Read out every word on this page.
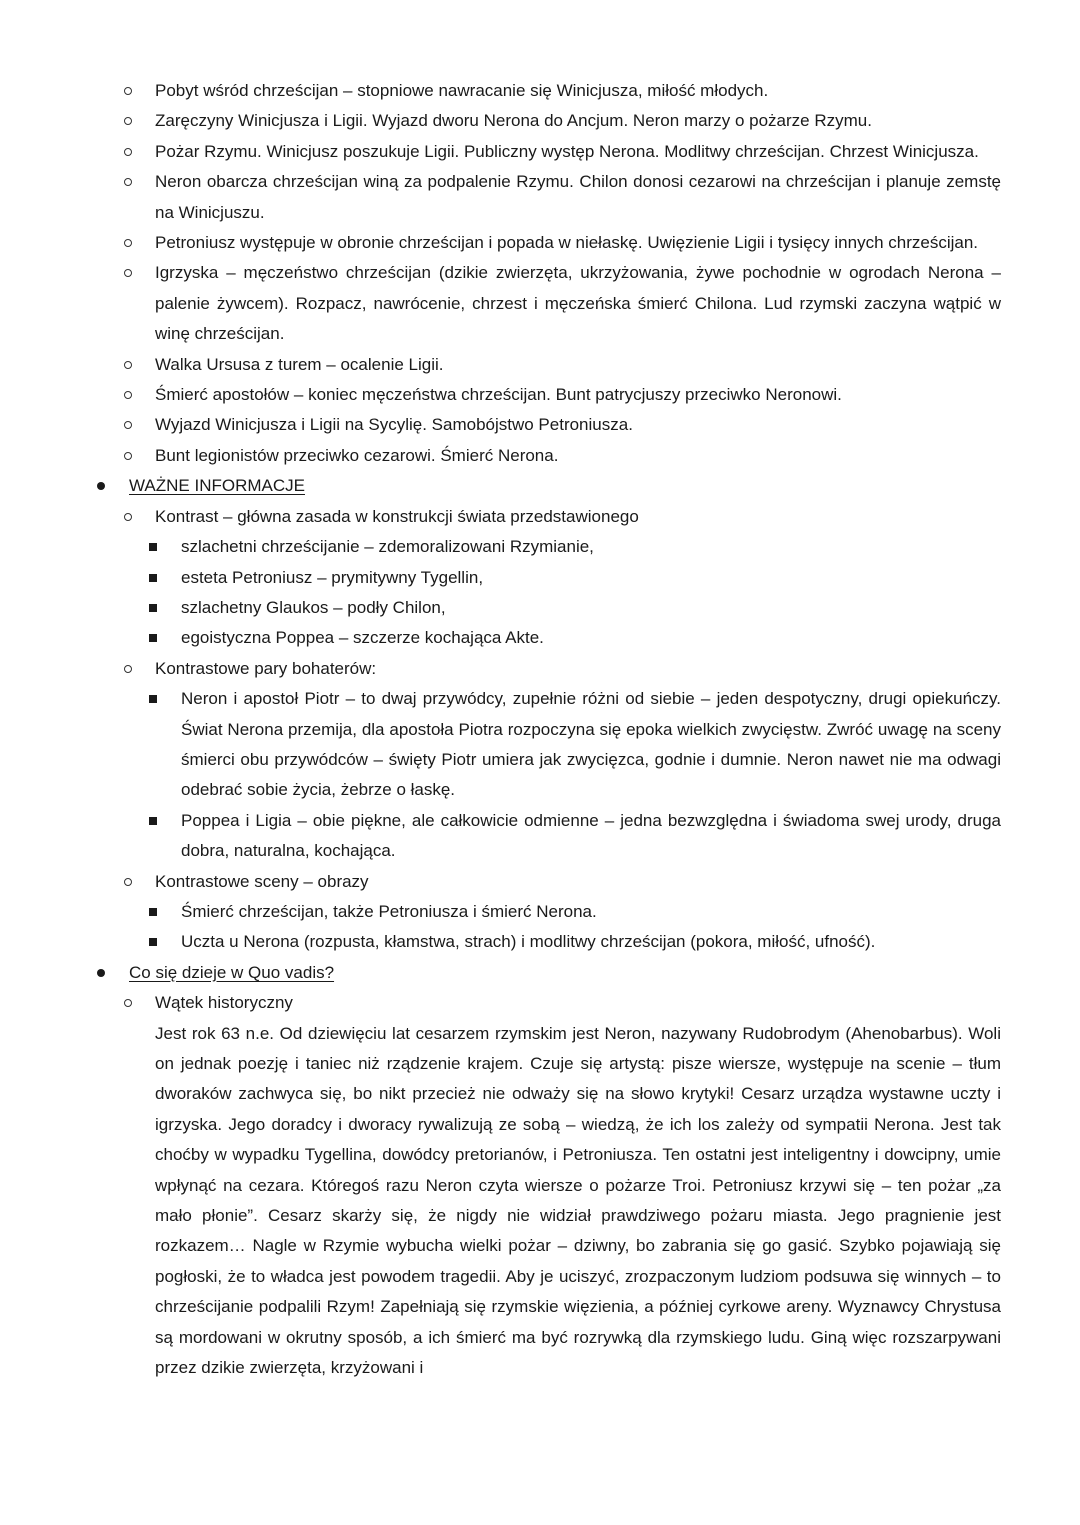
Pobyt wśród chrześcijan – stopniowe nawracanie się Winicjusza, miłość młodych.
Zaręczyny Winicjusza i Ligii. Wyjazd dworu Nerona do Ancjum. Neron marzy o pożarze Rzymu.
Pożar Rzymu. Winicjusz poszukuje Ligii. Publiczny występ Nerona. Modlitwy chrześcijan. Chrzest Winicjusza.
Neron obarcza chrześcijan winą za podpalenie Rzymu. Chilon donosi cezarowi na chrześcijan i planuje zemstę na Winicjuszu.
Petroniusz występuje w obronie chrześcijan i popada w niełaskę. Uwięzienie Ligii i tysięcy innych chrześcijan.
Igrzyska – męczeństwo chrześcijan (dzikie zwierzęta, ukrzyżowania, żywe pochodnie w ogrodach Nerona – palenie żywcem). Rozpacz, nawrócenie, chrzest i męczeńska śmierć Chilona. Lud rzymski zaczyna wątpić w winę chrześcijan.
Walka Ursusa z turem – ocalenie Ligii.
Śmierć apostołów – koniec męczeństwa chrześcijan. Bunt patrycjuszy przeciwko Neronowi.
Wyjazd Winicjusza i Ligii na Sycylię. Samobójstwo Petroniusza.
Bunt legionistów przeciwko cezarowi. Śmierć Nerona.
WAŻNE INFORMACJE
Kontrast – główna zasada w konstrukcji świata przedstawionego
szlachetni chrześcijanie – zdemoralizowani Rzymianie,
esteta Petroniusz – prymitywny Tygellin,
szlachetny Glaukos – podły Chilon,
egoistyczna Poppea – szczerze kochająca Akte.
Kontrastowe pary bohaterów:
Neron i apostoł Piotr – to dwaj przywódcy, zupełnie różni od siebie – jeden despotyczny, drugi opiekuńczy. Świat Nerona przemija, dla apostoła Piotra rozpoczyna się epoka wielkich zwycięstw. Zwróć uwagę na sceny śmierci obu przywódców – święty Piotr umiera jak zwycięzca, godnie i dumnie. Neron nawet nie ma odwagi odebrać sobie życia, żebrze o łaskę.
Poppea i Ligia – obie piękne, ale całkowicie odmienne – jedna bezwzględna i świadoma swej urody, druga dobra, naturalna, kochająca.
Kontrastowe sceny – obrazy
Śmierć chrześcijan, także Petroniusza i śmierć Nerona.
Uczta u Nerona (rozpusta, kłamstwa, strach) i modlitwy chrześcijan (pokora, miłość, ufność).
Co się dzieje w Quo vadis?
Wątek historyczny
Jest rok 63 n.e. Od dziewięciu lat cesarzem rzymskim jest Neron, nazywany Rudobrodym (Ahenobarbus). Woli on jednak poezję i taniec niż rządzenie krajem. Czuje się artystą: pisze wiersze, występuje na scenie – tłum dworaków zachwyca się, bo nikt przecież nie odważy się na słowo krytyki! Cesarz urządza wystawne uczty i igrzyska. Jego doradcy i dworacy rywalizują ze sobą – wiedzą, że ich los zależy od sympatii Nerona. Jest tak choćby w wypadku Tygellina, dowódcy pretorianów, i Petroniusza. Ten ostatni jest inteligentny i dowcipny, umie wpłynąć na cezara. Któregoś razu Neron czyta wiersze o pożarze Troi. Petroniusz krzywi się – ten pożar „za mało płonie”. Cesarz skarży się, że nigdy nie widział prawdziwego pożaru miasta. Jego pragnienie jest rozkazem… Nagle w Rzymie wybucha wielki pożar – dziwny, bo zabrania się go gasić. Szybko pojawiają się pogłoski, że to władca jest powodem tragedii. Aby je uciszyć, zrozpaczonym ludziom podsuwa się winnych – to chrześcijanie podpalili Rzym! Zapełniają się rzymskie więzienia, a później cyrkowe areny. Wyznawcy Chrystusa są mordowani w okrutny sposób, a ich śmierć ma być rozrywką dla rzymskiego ludu. Giną więc rozszarpywani przez dzikie zwierzęta, krzyżowani i
